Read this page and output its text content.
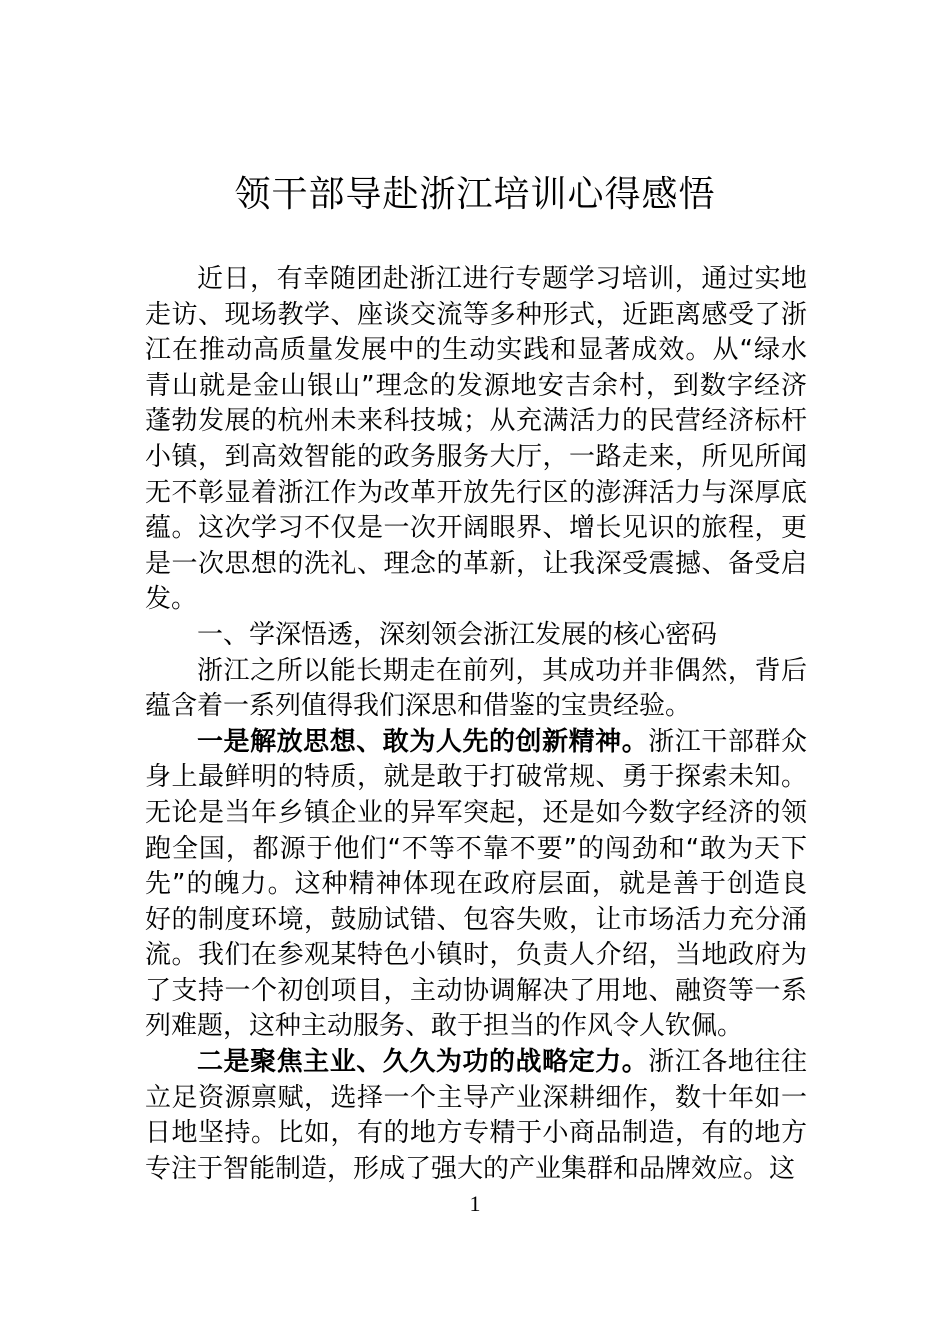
领干部导赴浙江培训心得感悟

近日，有幸随团赴浙江进行专题学习培训，通过实地走访、现场教学、座谈交流等多种形式，近距离感受了浙江在推动高质量发展中的生动实践和显著成效。从“绿水青山就是金山银山”理念的发源地安吉余村，到数字经济蓬勃发展的杭州未来科技城；从充满活力的民营经济标杆小镇，到高效智能的政务服务大厅，一路走来，所见所闻无不彰显着浙江作为改革开放先行区的澎湃活力与深厚底蕴。这次学习不仅是一次开阔眼界、增长见识的旅程，更是一次思想的洗礼、理念的革新，让我深受震撼、备受启发。

一、学深悟透，深刻领会浙江发展的核心密码

浙江之所以能长期走在前列，其成功并非偶然，背后蕴含着一系列值得我们深思和借鉴的宝贵经验。

一是解放思想、敢为人先的创新精神。浙江干部群众身上最鲜明的特质，就是敢于打破常规、勇于探索未知。无论是当年乡镇企业的异军突起，还是如今数字经济的领跑全国，都源于他们“不等不靠不要”的闯劲和“敢为天下先”的魄力。这种精神体现在政府层面，就是善于创造良好的制度环境，鼓励试错、包容失败，让市场活力充分涌流。我们在参观某特色小镇时，负责人介绍，当地政府为了支持一个初创项目，主动协调解决了用地、融资等一系列难题，这种主动服务、敢于担当的作风令人钦佩。

二是聚焦主业、久久为功的战略定力。浙江各地往往立足资源禀赋，选择一个主导产业深耕细作，数十年如一日地坚持。比如，有的地方专精于小商品制造，有的地方专注于智能制造，形成了强大的产业集群和品牌效应。这

1
